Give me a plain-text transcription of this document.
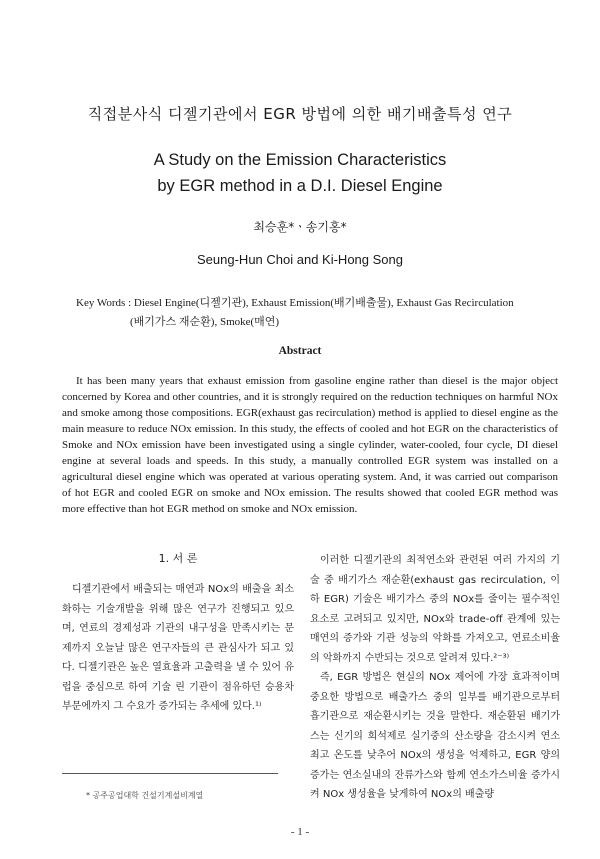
직접분사식 디젤기관에서 EGR 방법에 의한 배기배출특성 연구
A Study on the Emission Characteristics
by EGR method in a D.I. Diesel Engine
최승훈*ㆍ송기홍*
Seung-Hun Choi and Ki-Hong Song
Key Words : Diesel Engine(디젤기관), Exhaust Emission(배기배출물), Exhaust Gas Recirculation
(배기가스 재순환), Smoke(매연)
Abstract

It has been many years that exhaust emission from gasoline engine rather than diesel is the major object concerned by Korea and other countries, and it is strongly required on the reduction techniques on harmful NOx and smoke among those compositions. EGR(exhaust gas recirculation) method is applied to diesel engine as the main measure to reduce NOx emission. In this study, the effects of cooled and hot EGR on the characteristics of Smoke and NOx emission have been investigated using a single cylinder, water-cooled, four cycle, DI diesel engine at several loads and speeds. In this study, a manually controlled EGR system was installed on a agricultural diesel engine which was operated at various operating system. And, it was carried out comparison of hot EGR and cooled EGR on smoke and NOx emission. The results showed that cooled EGR method was more effective than hot EGR method on smoke and NOx emission.

1. 서 론

디젤기관에서 배출되는 매연과 NOx의 배출을 최소화하는 기술개발을 위해 많은 연구가 진행되고 있으며, 연료의 경제성과 기관의 내구성을 만족시키는 문제까지 오늘날 많은 연구자들의 큰 관심사가 되고 있다. 디젤기관은 높은 열효율과 고출력을 낼 수 있어 유럽을 중심으로 하여 기술 린 기관이 점유하던 승용차 부문에까지 그 수요가 증가되는 추세에 있다.¹⁾

이러한 디젤기관의 최적연소와 관련된 여러 가지의 기술 중 배기가스 재순환(exhaust gas recirculation, 이하 EGR) 기술은 배기가스 중의 NOx를 줄이는 필수적인 요소로 고려되고 있지만, NOx와 trade-off 관계에 있는 매연의 증가와 기관 성능의 악화를 가져오고, 연료소비율의 악화까지 수반되는 것으로 알려져 있다.²⁻³⁾

즉, EGR 방법은 현실의 NOx 제어에 가장 효과적이며 중요한 방법으로 배출가스 중의 일부를 배기관으로부터 흡기관으로 재순환시키는 것을 말한다. 재순환된 배기가스는 신기의 희석제로 실기중의 산소량을 감소시켜 연소 최고 온도를 낮추어 NOx의 생성을 억제하고, EGR 양의 증가는 연소실내의 잔류가스와 함께 연소가스비율 증가시켜 NOx 생성율을 낮게하여 NOx의 배출량

* 공주공업대학 건설기계설비계열
- 1 -
